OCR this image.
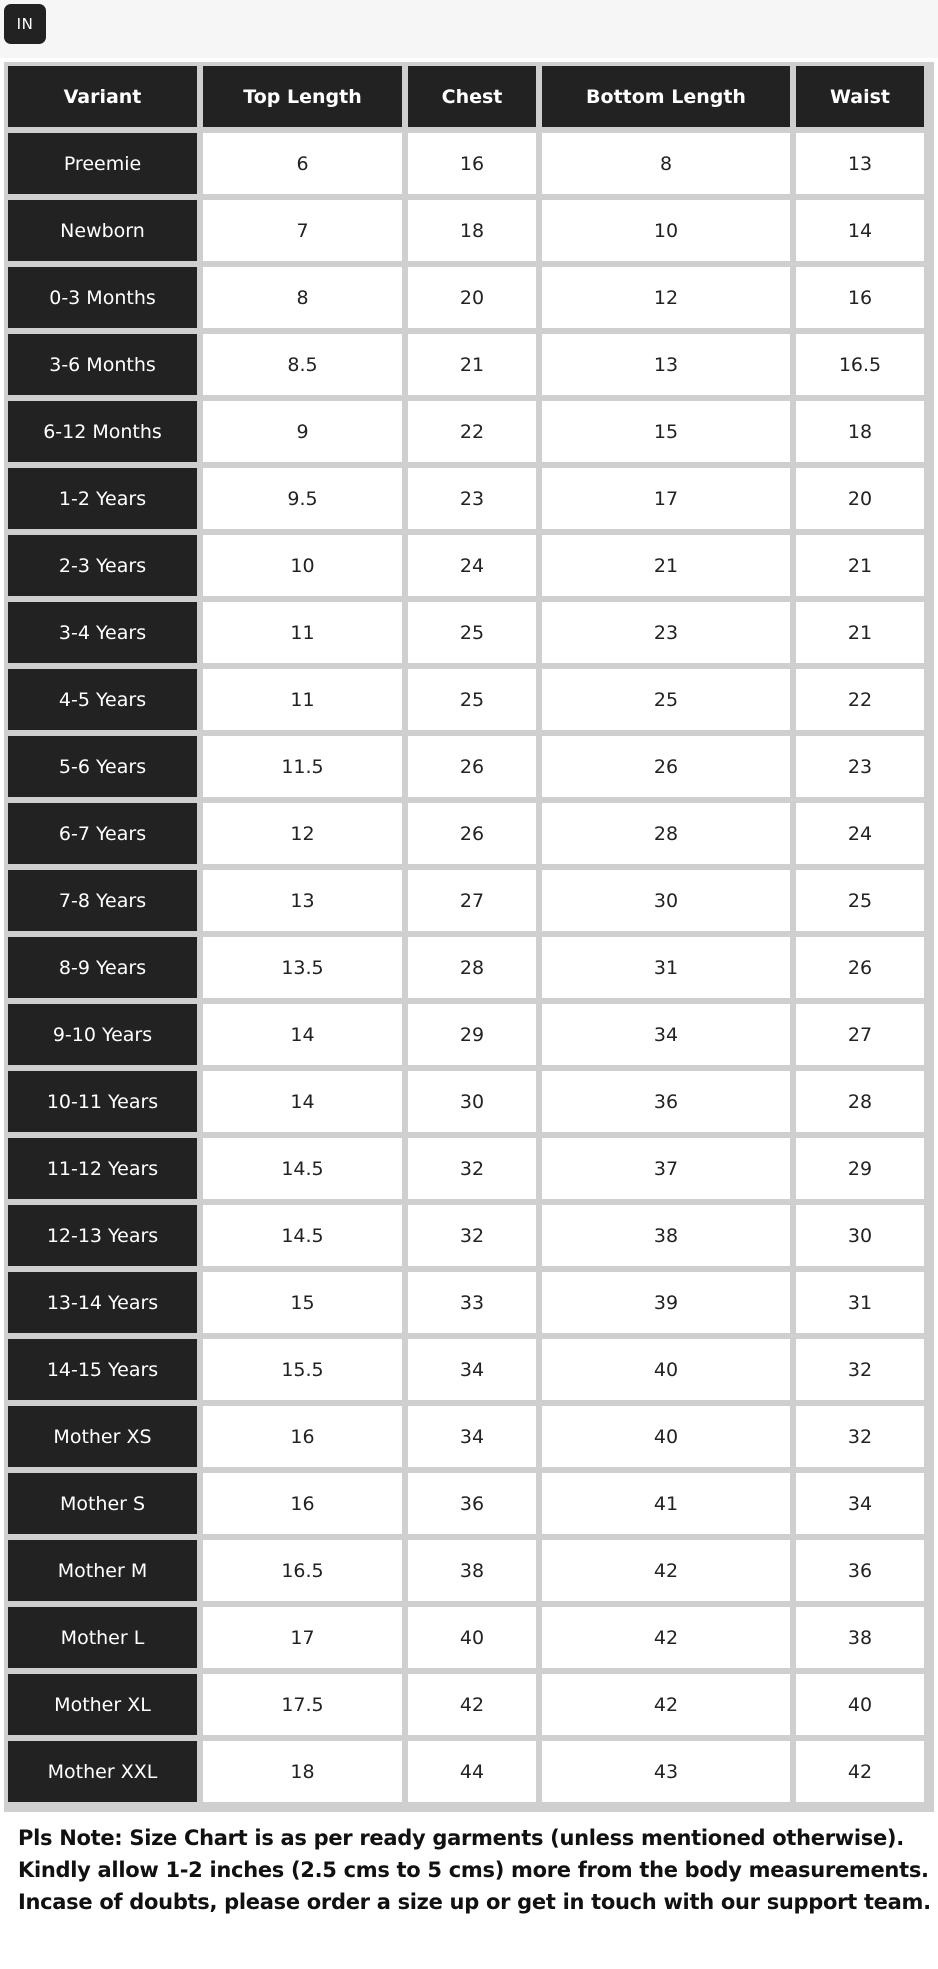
IN
Variant	Top Length	Chest	Bottom Length	Waist
Preemie	6	16	8	13
Newborn	7	18	10	14
0-3 Months	8	20	12	16
3-6 Months	8.5	21	13	16.5
6-12 Months	9	22	15	18
1-2 Years	9.5	23	17	20
2-3 Years	10	24	21	21
3-4 Years	11	25	23	21
4-5 Years	11	25	25	22
5-6 Years	11.5	26	26	23
6-7 Years	12	26	28	24
7-8 Years	13	27	30	25
8-9 Years	13.5	28	31	26
9-10 Years	14	29	34	27
10-11 Years	14	30	36	28
11-12 Years	14.5	32	37	29
12-13 Years	14.5	32	38	30
13-14 Years	15	33	39	31
14-15 Years	15.5	34	40	32
Mother XS	16	34	40	32
Mother S	16	36	41	34
Mother M	16.5	38	42	36
Mother L	17	40	42	38
Mother XL	17.5	42	42	40
Mother XXL	18	44	43	42
Pls Note: Size Chart is as per ready garments (unless mentioned otherwise).
Kindly allow 1-2 inches (2.5 cms to 5 cms) more from the body measurements.
Incase of doubts, please order a size up or get in touch with our support team.
